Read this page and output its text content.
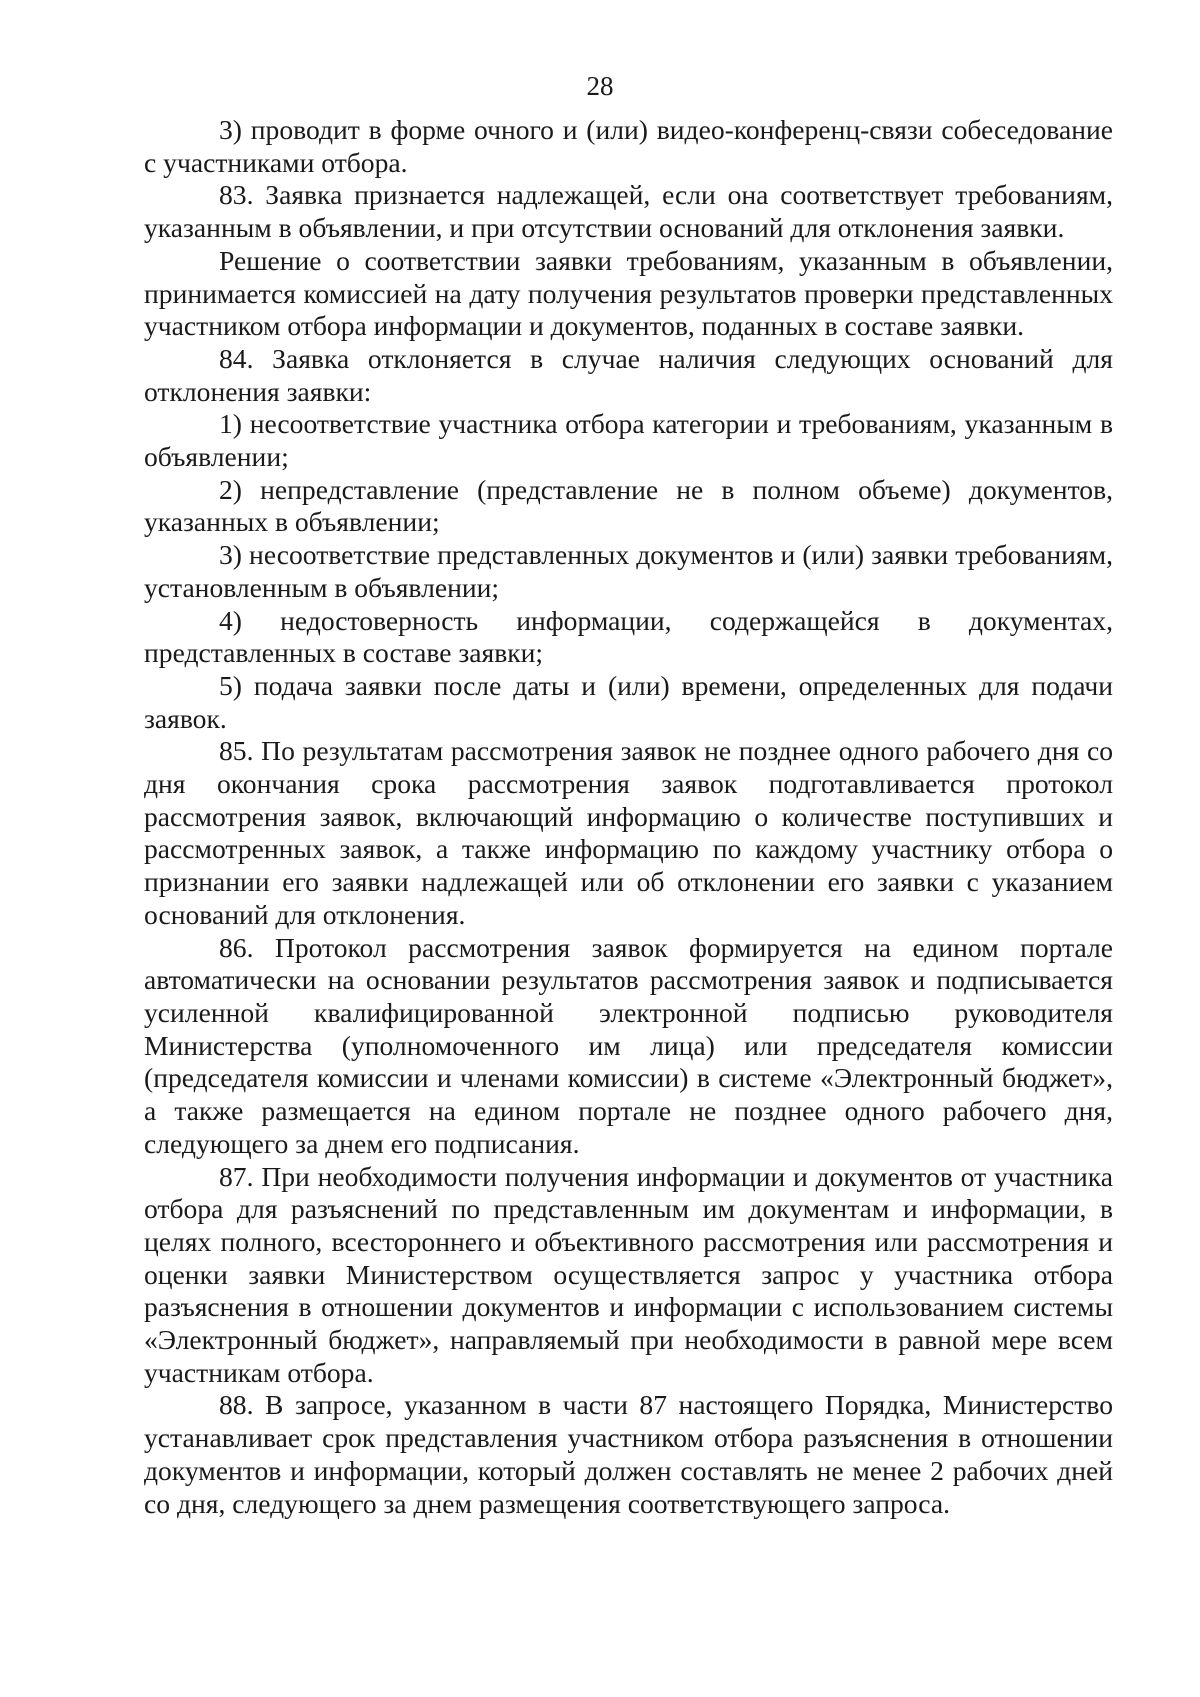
28

3) проводит в форме очного и (или) видео-конференц-связи собеседование с участниками отбора.

83. Заявка признается надлежащей, если она соответствует требованиям, указанным в объявлении, и при отсутствии оснований для отклонения заявки.

Решение о соответствии заявки требованиям, указанным в объявлении, принимается комиссией на дату получения результатов проверки представленных участником отбора информации и документов, поданных в составе заявки.

84. Заявка отклоняется в случае наличия следующих оснований для отклонения заявки:

1) несоответствие участника отбора категории и требованиям, указанным в объявлении;

2) непредставление (представление не в полном объеме) документов, указанных в объявлении;

3) несоответствие представленных документов и (или) заявки требованиям, установленным в объявлении;

4) недостоверность информации, содержащейся в документах, представленных в составе заявки;

5) подача заявки после даты и (или) времени, определенных для подачи заявок.

85. По результатам рассмотрения заявок не позднее одного рабочего дня со дня окончания срока рассмотрения заявок подготавливается протокол рассмотрения заявок, включающий информацию о количестве поступивших и рассмотренных заявок, а также информацию по каждому участнику отбора о признании его заявки надлежащей или об отклонении его заявки с указанием оснований для отклонения.

86. Протокол рассмотрения заявок формируется на едином портале автоматически на основании результатов рассмотрения заявок и подписывается усиленной квалифицированной электронной подписью руководителя Министерства (уполномоченного им лица) или председателя комиссии (председателя комиссии и членами комиссии) в системе «Электронный бюджет», а также размещается на едином портале не позднее одного рабочего дня, следующего за днем его подписания.

87. При необходимости получения информации и документов от участника отбора для разъяснений по представленным им документам и информации, в целях полного, всестороннего и объективного рассмотрения или рассмотрения и оценки заявки Министерством осуществляется запрос у участника отбора разъяснения в отношении документов и информации с использованием системы «Электронный бюджет», направляемый при необходимости в равной мере всем участникам отбора.

88. В запросе, указанном в части 87 настоящего Порядка, Министерство устанавливает срок представления участником отбора разъяснения в отношении документов и информации, который должен составлять не менее 2 рабочих дней со дня, следующего за днем размещения соответствующего запроса.
